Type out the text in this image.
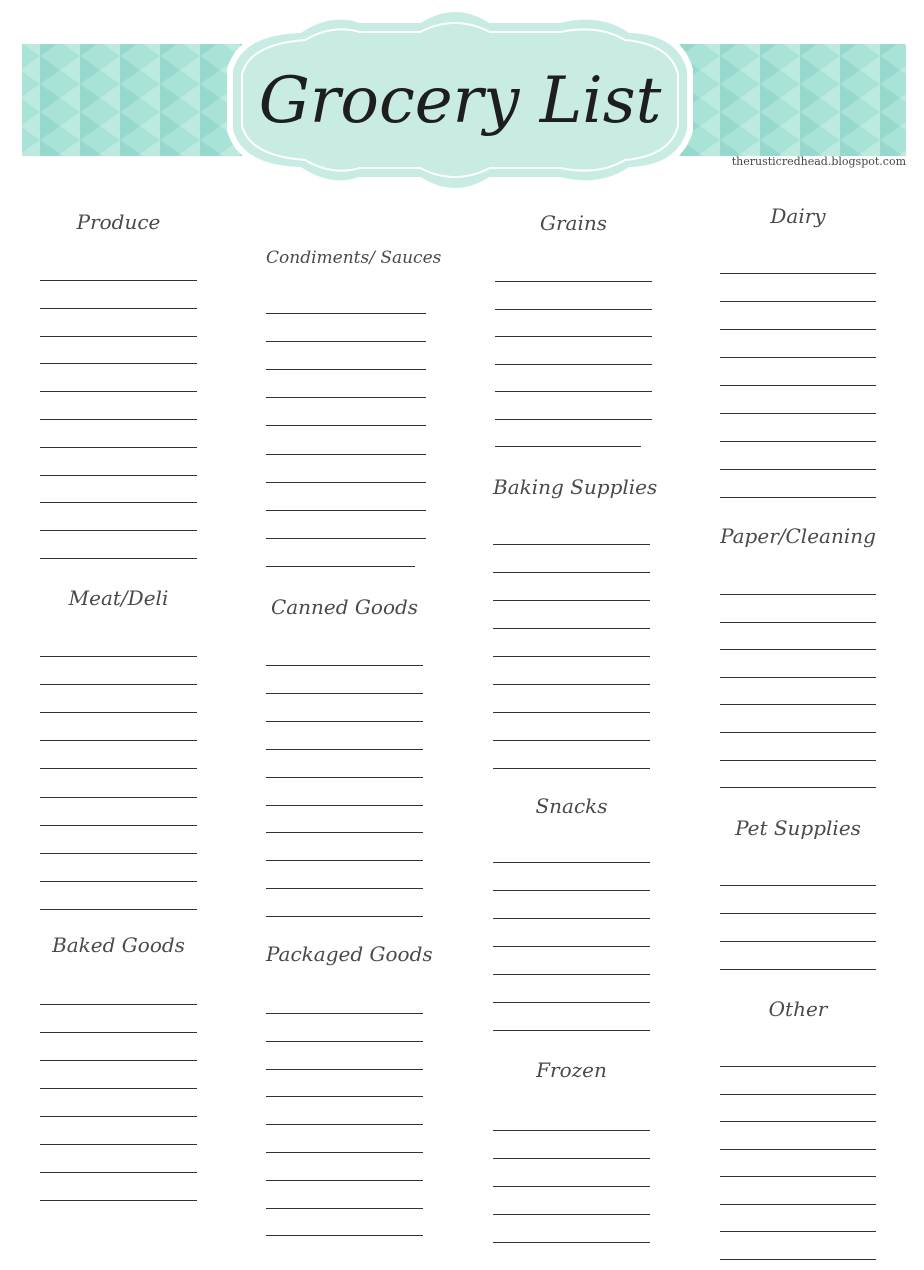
Grocery List

therusticredhead.blogspot.com

Produce
Meat/Deli
Baked Goods
Condiments/ Sauces
Canned Goods
Packaged Goods
Grains
Baking Supplies
Snacks
Frozen
Dairy
Paper/Cleaning
Pet Supplies
Other
